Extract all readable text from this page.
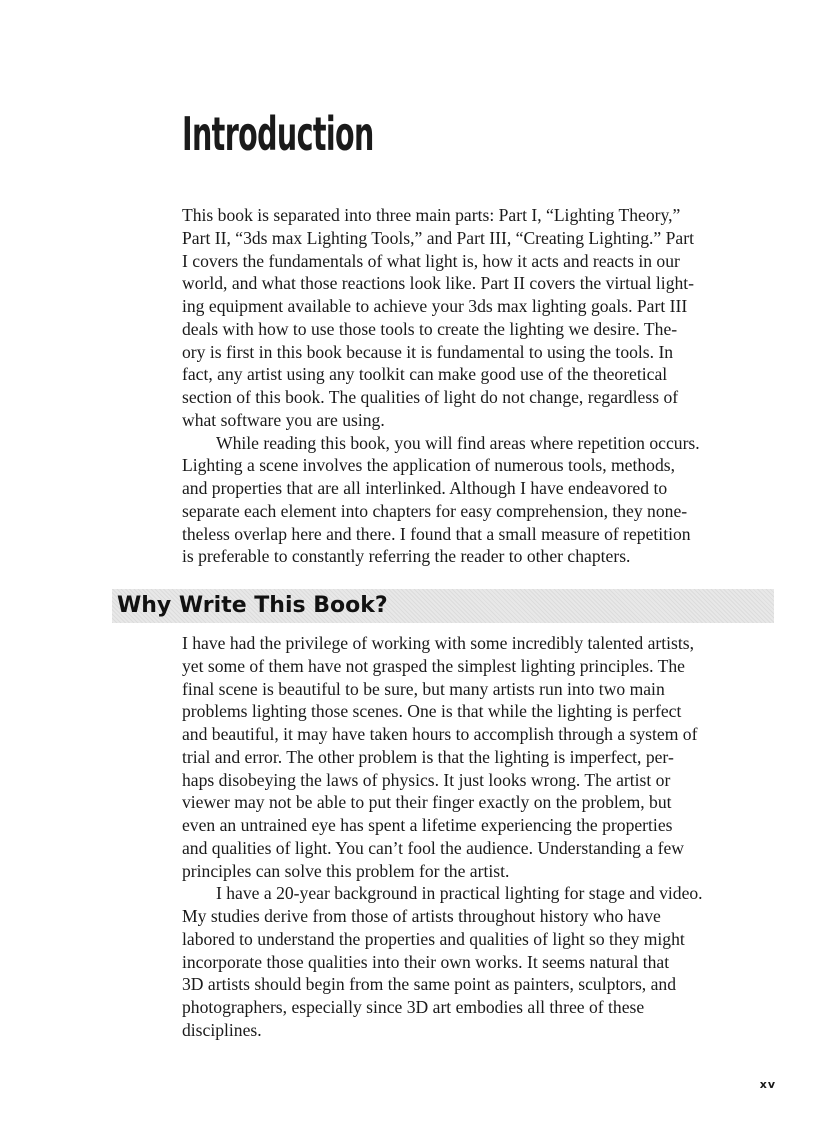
Introduction
This book is separated into three main parts: Part I, “Lighting Theory,”
Part II, “3ds max Lighting Tools,” and Part III, “Creating Lighting.” Part
I covers the fundamentals of what light is, how it acts and reacts in our
world, and what those reactions look like. Part II covers the virtual light-
ing equipment available to achieve your 3ds max lighting goals. Part III
deals with how to use those tools to create the lighting we desire. The-
ory is first in this book because it is fundamental to using the tools. In
fact, any artist using any toolkit can make good use of the theoretical
section of this book. The qualities of light do not change, regardless of
what software you are using.
While reading this book, you will find areas where repetition occurs.
Lighting a scene involves the application of numerous tools, methods,
and properties that are all interlinked. Although I have endeavored to
separate each element into chapters for easy comprehension, they none-
theless overlap here and there. I found that a small measure of repetition
is preferable to constantly referring the reader to other chapters.
Why Write This Book?
I have had the privilege of working with some incredibly talented artists,
yet some of them have not grasped the simplest lighting principles. The
final scene is beautiful to be sure, but many artists run into two main
problems lighting those scenes. One is that while the lighting is perfect
and beautiful, it may have taken hours to accomplish through a system of
trial and error. The other problem is that the lighting is imperfect, per-
haps disobeying the laws of physics. It just looks wrong. The artist or
viewer may not be able to put their finger exactly on the problem, but
even an untrained eye has spent a lifetime experiencing the properties
and qualities of light. You can’t fool the audience. Understanding a few
principles can solve this problem for the artist.
I have a 20-year background in practical lighting for stage and video.
My studies derive from those of artists throughout history who have
labored to understand the properties and qualities of light so they might
incorporate those qualities into their own works. It seems natural that
3D artists should begin from the same point as painters, sculptors, and
photographers, especially since 3D art embodies all three of these
disciplines.
xv
